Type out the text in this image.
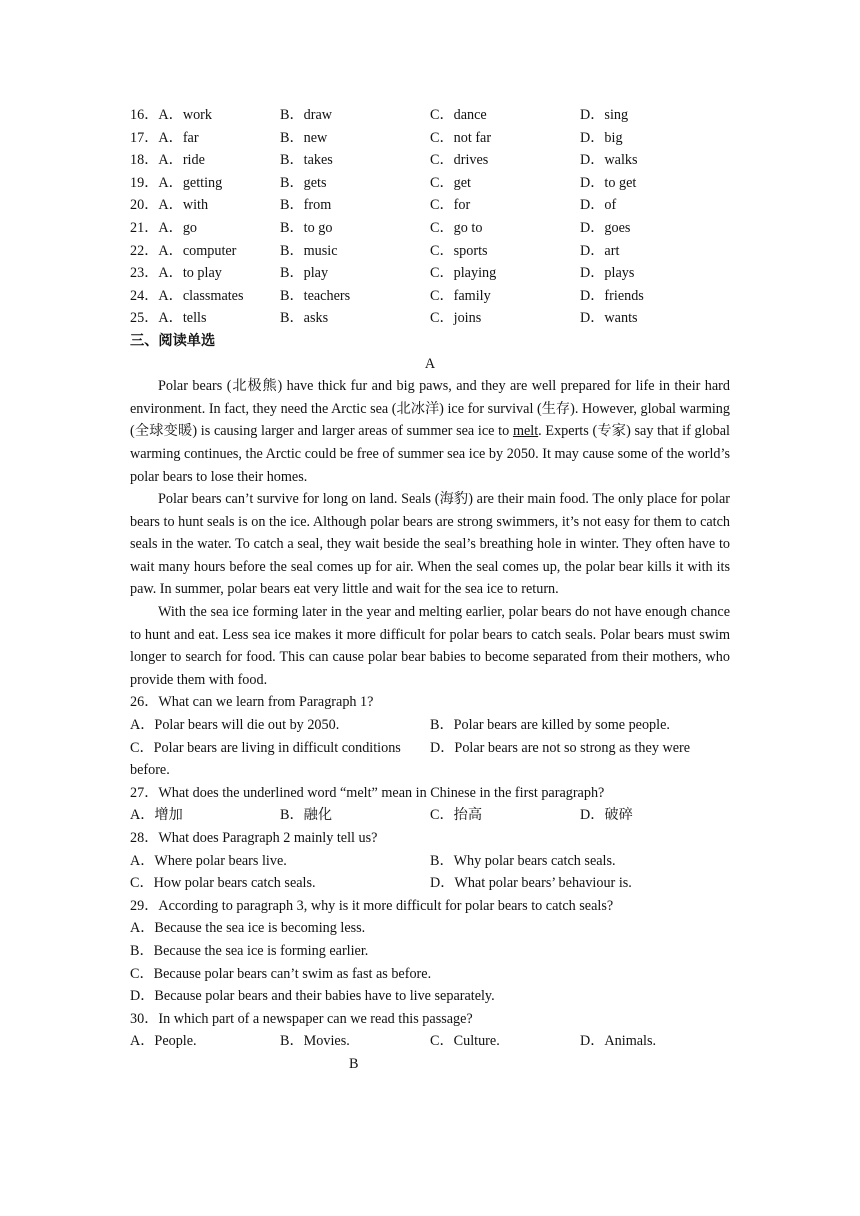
16．A．work	B．draw	C．dance	D．sing
17．A．far	B．new	C．not far	D．big
18．A．ride	B．takes	C．drives	D．walks
19．A．getting	B．gets	C．get	D．to get
20．A．with	B．from	C．for	D．of
21．A．go	B．to go	C．go to	D．goes
22．A．computer	B．music	C．sports	D．art
23．A．to play	B．play	C．playing	D．plays
24．A．classmates	B．teachers	C．family	D．friends
25．A．tells	B．asks	C．joins	D．wants
三、阅读单选
A

Polar bears (北极熊) have thick fur and big paws, and they are well prepared for life in their hard environment. In fact, they need the Arctic sea (北冰洋) ice for survival (生存). However, global warming (全球变暖) is causing larger and larger areas of summer sea ice to melt. Experts (专家) say that if global warming continues, the Arctic could be free of summer sea ice by 2050. It may cause some of the world’s polar bears to lose their homes.

Polar bears can’t survive for long on land. Seals (海豹) are their main food. The only place for polar bears to hunt seals is on the ice. Although polar bears are strong swimmers, it’s not easy for them to catch seals in the water. To catch a seal, they wait beside the seal’s breathing hole in winter. They often have to wait many hours before the seal comes up for air. When the seal comes up, the polar bear kills it with its paw. In summer, polar bears eat very little and wait for the sea ice to return.

With the sea ice forming later in the year and melting earlier, polar bears do not have enough chance to hunt and eat. Less sea ice makes it more difficult for polar bears to catch seals. Polar bears must swim longer to search for food. This can cause polar bear babies to become separated from their mothers, who provide them with food.

26．What can we learn from Paragraph 1?
A．Polar bears will die out by 2050.	B．Polar bears are killed by some people.
C．Polar bears are living in difficult conditions	D．Polar bears are not so strong as they were
before.
27．What does the underlined word “melt” mean in Chinese in the first paragraph?
A．增加	B．融化	C．抬高	D．破碎
28．What does Paragraph 2 mainly tell us?
A．Where polar bears live.	B．Why polar bears catch seals.
C．How polar bears catch seals.	D．What polar bears’ behaviour is.
29．According to paragraph 3, why is it more difficult for polar bears to catch seals?
A．Because the sea ice is becoming less.
B．Because the sea ice is forming earlier.
C．Because polar bears can’t swim as fast as before.
D．Because polar bears and their babies have to live separately.
30．In which part of a newspaper can we read this passage?
A．People.	B．Movies.	C．Culture.	D．Animals.
B
